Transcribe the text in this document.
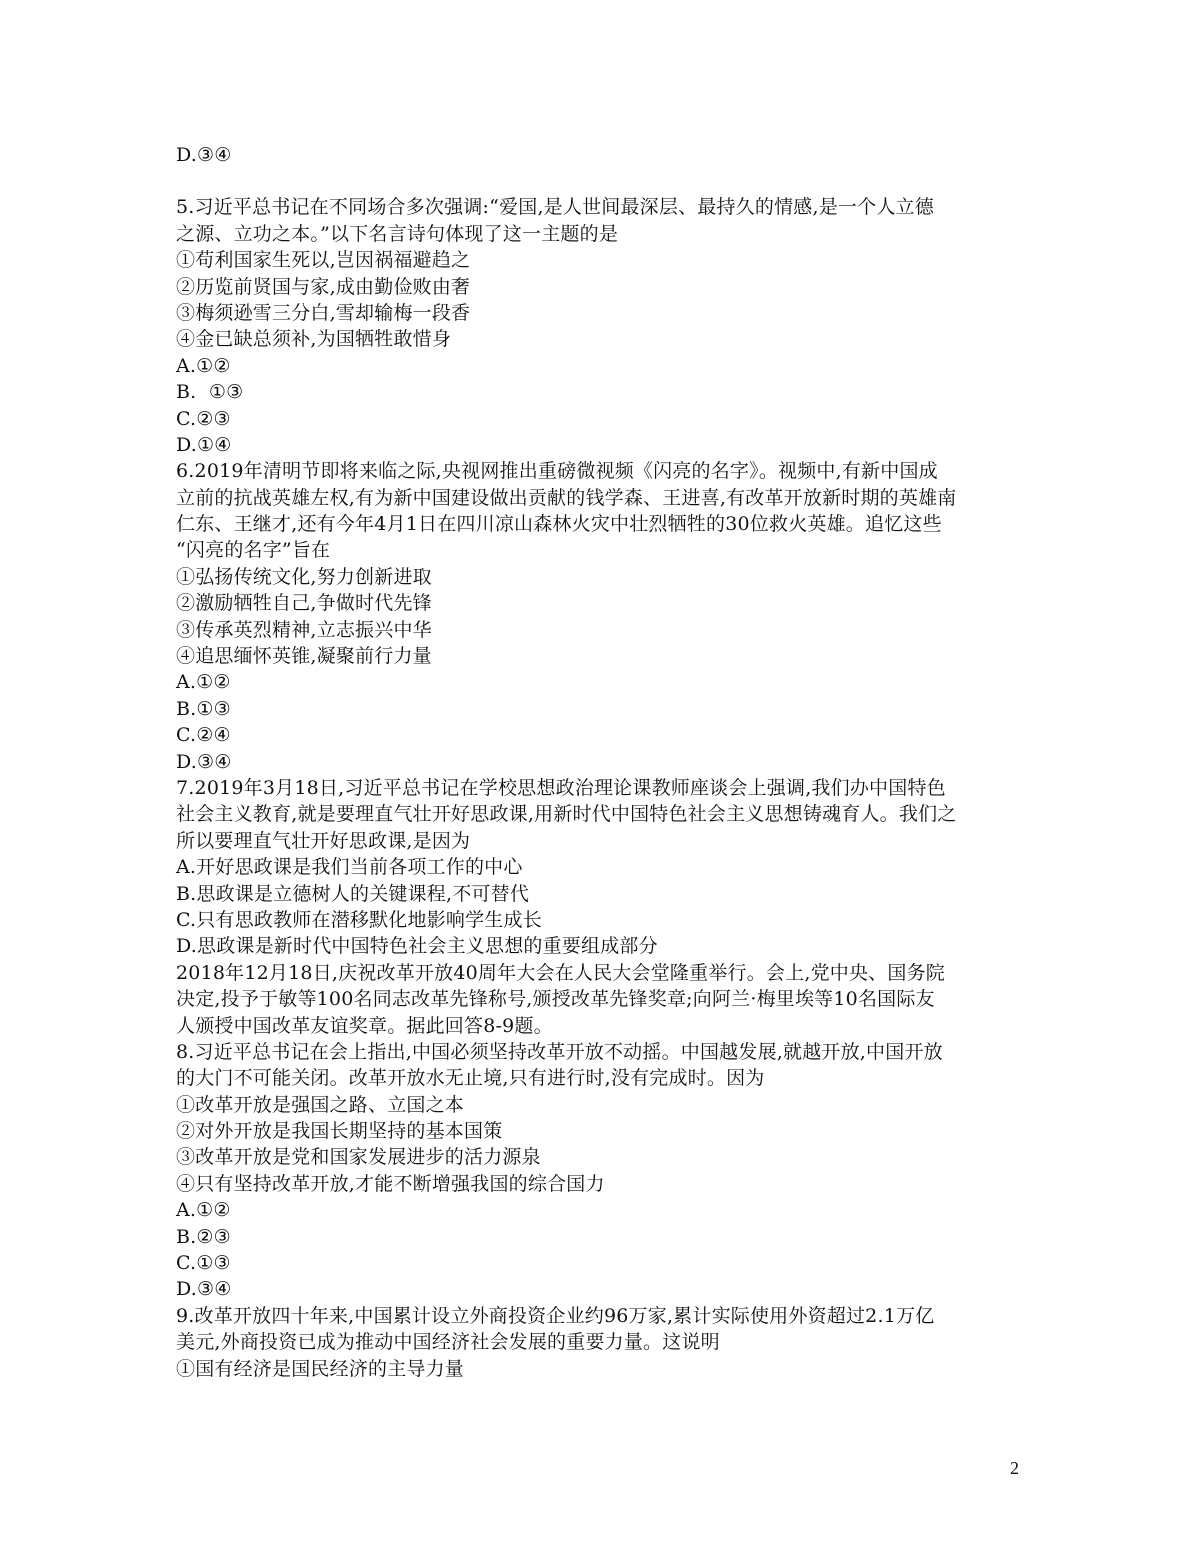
D.③④
5.习近平总书记在不同场合多次强调:“爱国,是人世间最深层、最持久的情感,是一个人立德
之源、立功之本。”以下名言诗句体现了这一主题的是
①苟利国家生死以,岂因祸福避趋之
②历览前贤国与家,成由勤俭败由奢
③梅须逊雪三分白,雪却输梅一段香
④金已缺总须补,为国牺牲敢惜身
A.①②
B.  ①③
C.②③
D.①④
6.2019年清明节即将来临之际,央视网推出重磅微视频《闪亮的名字》。视频中,有新中国成
立前的抗战英雄左权,有为新中国建设做出贡献的钱学森、王进喜,有改革开放新时期的英雄南
仁东、王继才,还有今年4月1日在四川凉山森林火灾中壮烈牺牲的30位救火英雄。追忆这些
“闪亮的名字”旨在
①弘扬传统文化,努力创新进取
②激励牺牲自己,争做时代先锋
③传承英烈精神,立志振兴中华
④追思缅怀英锥,凝聚前行力量
A.①②
B.①③
C.②④
D.③④
7.2019年3月18日,习近平总书记在学校思想政治理论课教师座谈会上强调,我们办中国特色
社会主义教育,就是要理直气壮开好思政课,用新时代中国特色社会主义思想铸魂育人。我们之
所以要理直气壮开好思政课,是因为
A.开好思政课是我们当前各项工作的中心
B.思政课是立德树人的关键课程,不可替代
C.只有思政教师在潜移默化地影响学生成长
D.思政课是新时代中国特色社会主义思想的重要组成部分
2018年12月18日,庆祝改革开放40周年大会在人民大会堂隆重举行。会上,党中央、国务院
决定,投予于敏等100名同志改革先锋称号,颁授改革先锋奖章;向阿兰·梅里埃等10名国际友
人颁授中国改革友谊奖章。据此回答8-9题。
8.习近平总书记在会上指出,中国必须坚持改革开放不动摇。中国越发展,就越开放,中国开放
的大门不可能关闭。改革开放水无止境,只有进行时,没有完成时。因为
①改革开放是强国之路、立国之本
②对外开放是我国长期坚持的基本国策
③改革开放是党和国家发展进步的活力源泉
④只有坚持改革开放,才能不断增强我国的综合国力
A.①②
B.②③
C.①③
D.③④
9.改革开放四十年来,中国累计设立外商投资企业约96万家,累计实际使用外资超过2.1万亿
美元,外商投资已成为推动中国经济社会发展的重要力量。这说明
①国有经济是国民经济的主导力量
2
